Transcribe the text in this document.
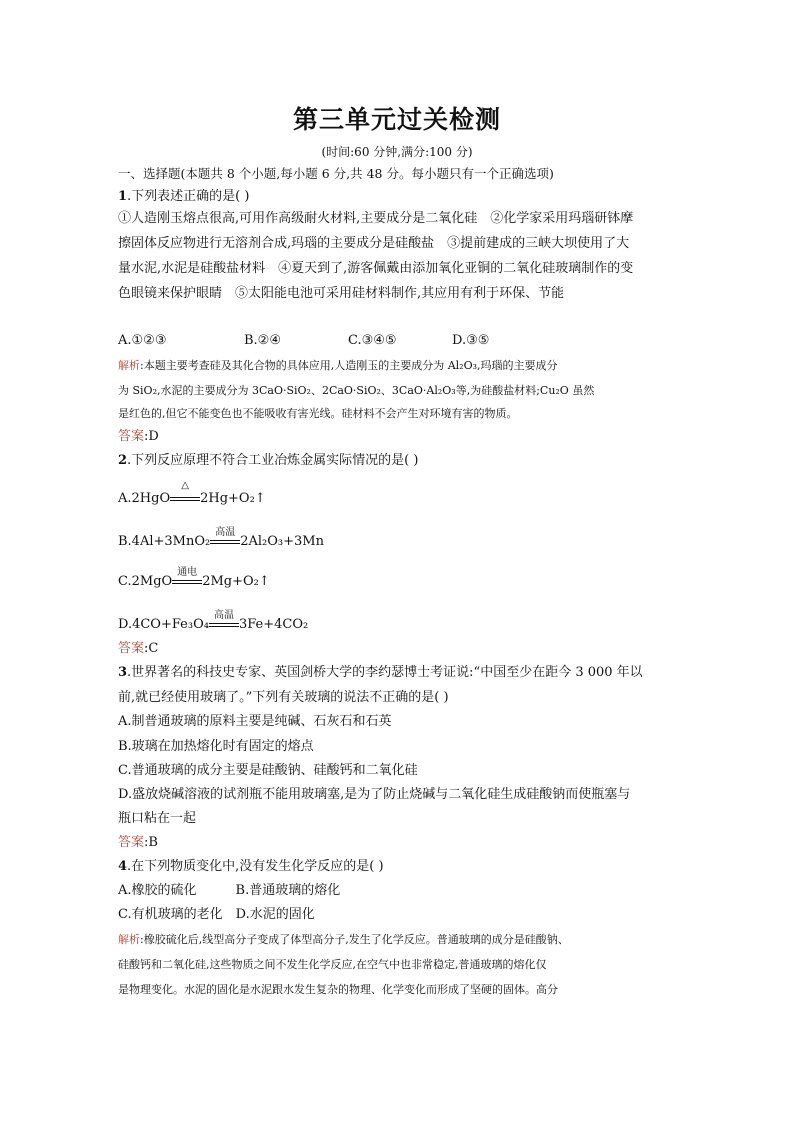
第三单元过关检测
(时间:60 分钟,满分:100 分)
一、选择题(本题共 8 个小题,每小题 6 分,共 48 分。每小题只有一个正确选项)
1.下列表述正确的是( )
①人造刚玉熔点很高,可用作高级耐火材料,主要成分是二氧化硅　②化学家采用玛瑙研钵摩
擦固体反应物进行无溶剂合成,玛瑙的主要成分是硅酸盐　③提前建成的三峡大坝使用了大
量水泥,水泥是硅酸盐材料　④夏天到了,游客佩戴由添加氧化亚铜的二氧化硅玻璃制作的变
色眼镜来保护眼睛　⑤太阳能电池可采用硅材料制作,其应用有利于环保、节能
A.①②③	B.②④	C.③④⑤	D.③⑤
解析:本题主要考查硅及其化合物的具体应用,人造刚玉的主要成分为 Al₂O₃,玛瑙的主要成分
为 SiO₂,水泥的主要成分为 3CaO·SiO₂、2CaO·SiO₂、3CaO·Al₂O₃等,为硅酸盐材料;Cu₂O 虽然
是红色的,但它不能变色也不能吸收有害光线。硅材料不会产生对环境有害的物质。
答案:D
2.下列反应原理不符合工业冶炼金属实际情况的是( )
A.2HgO
△
2Hg+O₂↑
B.4Al+3MnO₂
高温
2Al₂O₃+3Mn
C.2MgO
通电
2Mg+O₂↑
D.4CO+Fe₃O₄
高温
3Fe+4CO₂
答案:C
3.世界著名的科技史专家、英国剑桥大学的李约瑟博士考证说:“中国至少在距今 3 000 年以
前,就已经使用玻璃了。”下列有关玻璃的说法不正确的是( )
A.制普通玻璃的原料主要是纯碱、石灰石和石英
B.玻璃在加热熔化时有固定的熔点
C.普通玻璃的成分主要是硅酸钠、硅酸钙和二氧化硅
D.盛放烧碱溶液的试剂瓶不能用玻璃塞,是为了防止烧碱与二氧化硅生成硅酸钠而使瓶塞与
瓶口粘在一起
答案:B
4.在下列物质变化中,没有发生化学反应的是( )
A.橡胶的硫化　　　B.普通玻璃的熔化
C.有机玻璃的老化　D.水泥的固化
解析:橡胶硫化后,线型高分子变成了体型高分子,发生了化学反应。普通玻璃的成分是硅酸钠、
硅酸钙和二氧化硅,这些物质之间不发生化学反应,在空气中也非常稳定,普通玻璃的熔化仅
是物理变化。水泥的固化是水泥跟水发生复杂的物理、化学变化而形成了坚硬的固体。高分
